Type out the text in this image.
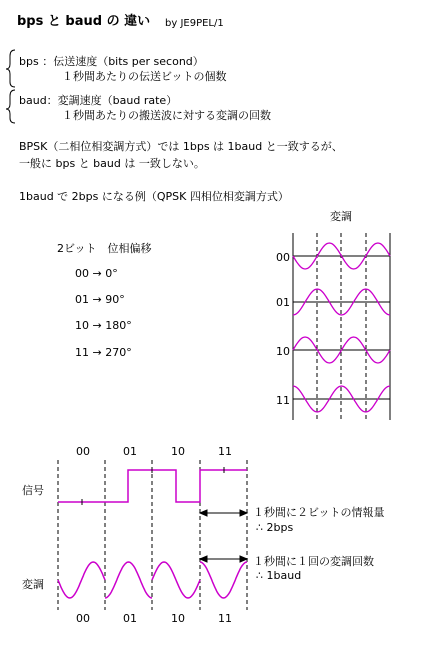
bps と baud の 違い by JE9PEL/1
bps ：伝送速度（bits per second）
１秒間あたりの伝送ビットの個数
baud：変調速度（baud rate）
１秒間あたりの搬送波に対する変調の回数
BPSK（二相位相変調方式）では 1bps は 1baud と一致するが、
一般に bps と baud は 一致しない。
1baud で 2bps になる例（QPSK 四相位相変調方式）
2ビット　位相偏移
00 → 0°
01 → 90°
10 → 180°
11 → 270°
変調
00
01
10
11
00	01	10	11
信号
１秒間に２ビットの情報量
∴ 2bps
１秒間に１回の変調回数
∴ 1baud
変調
00	01	10	11
